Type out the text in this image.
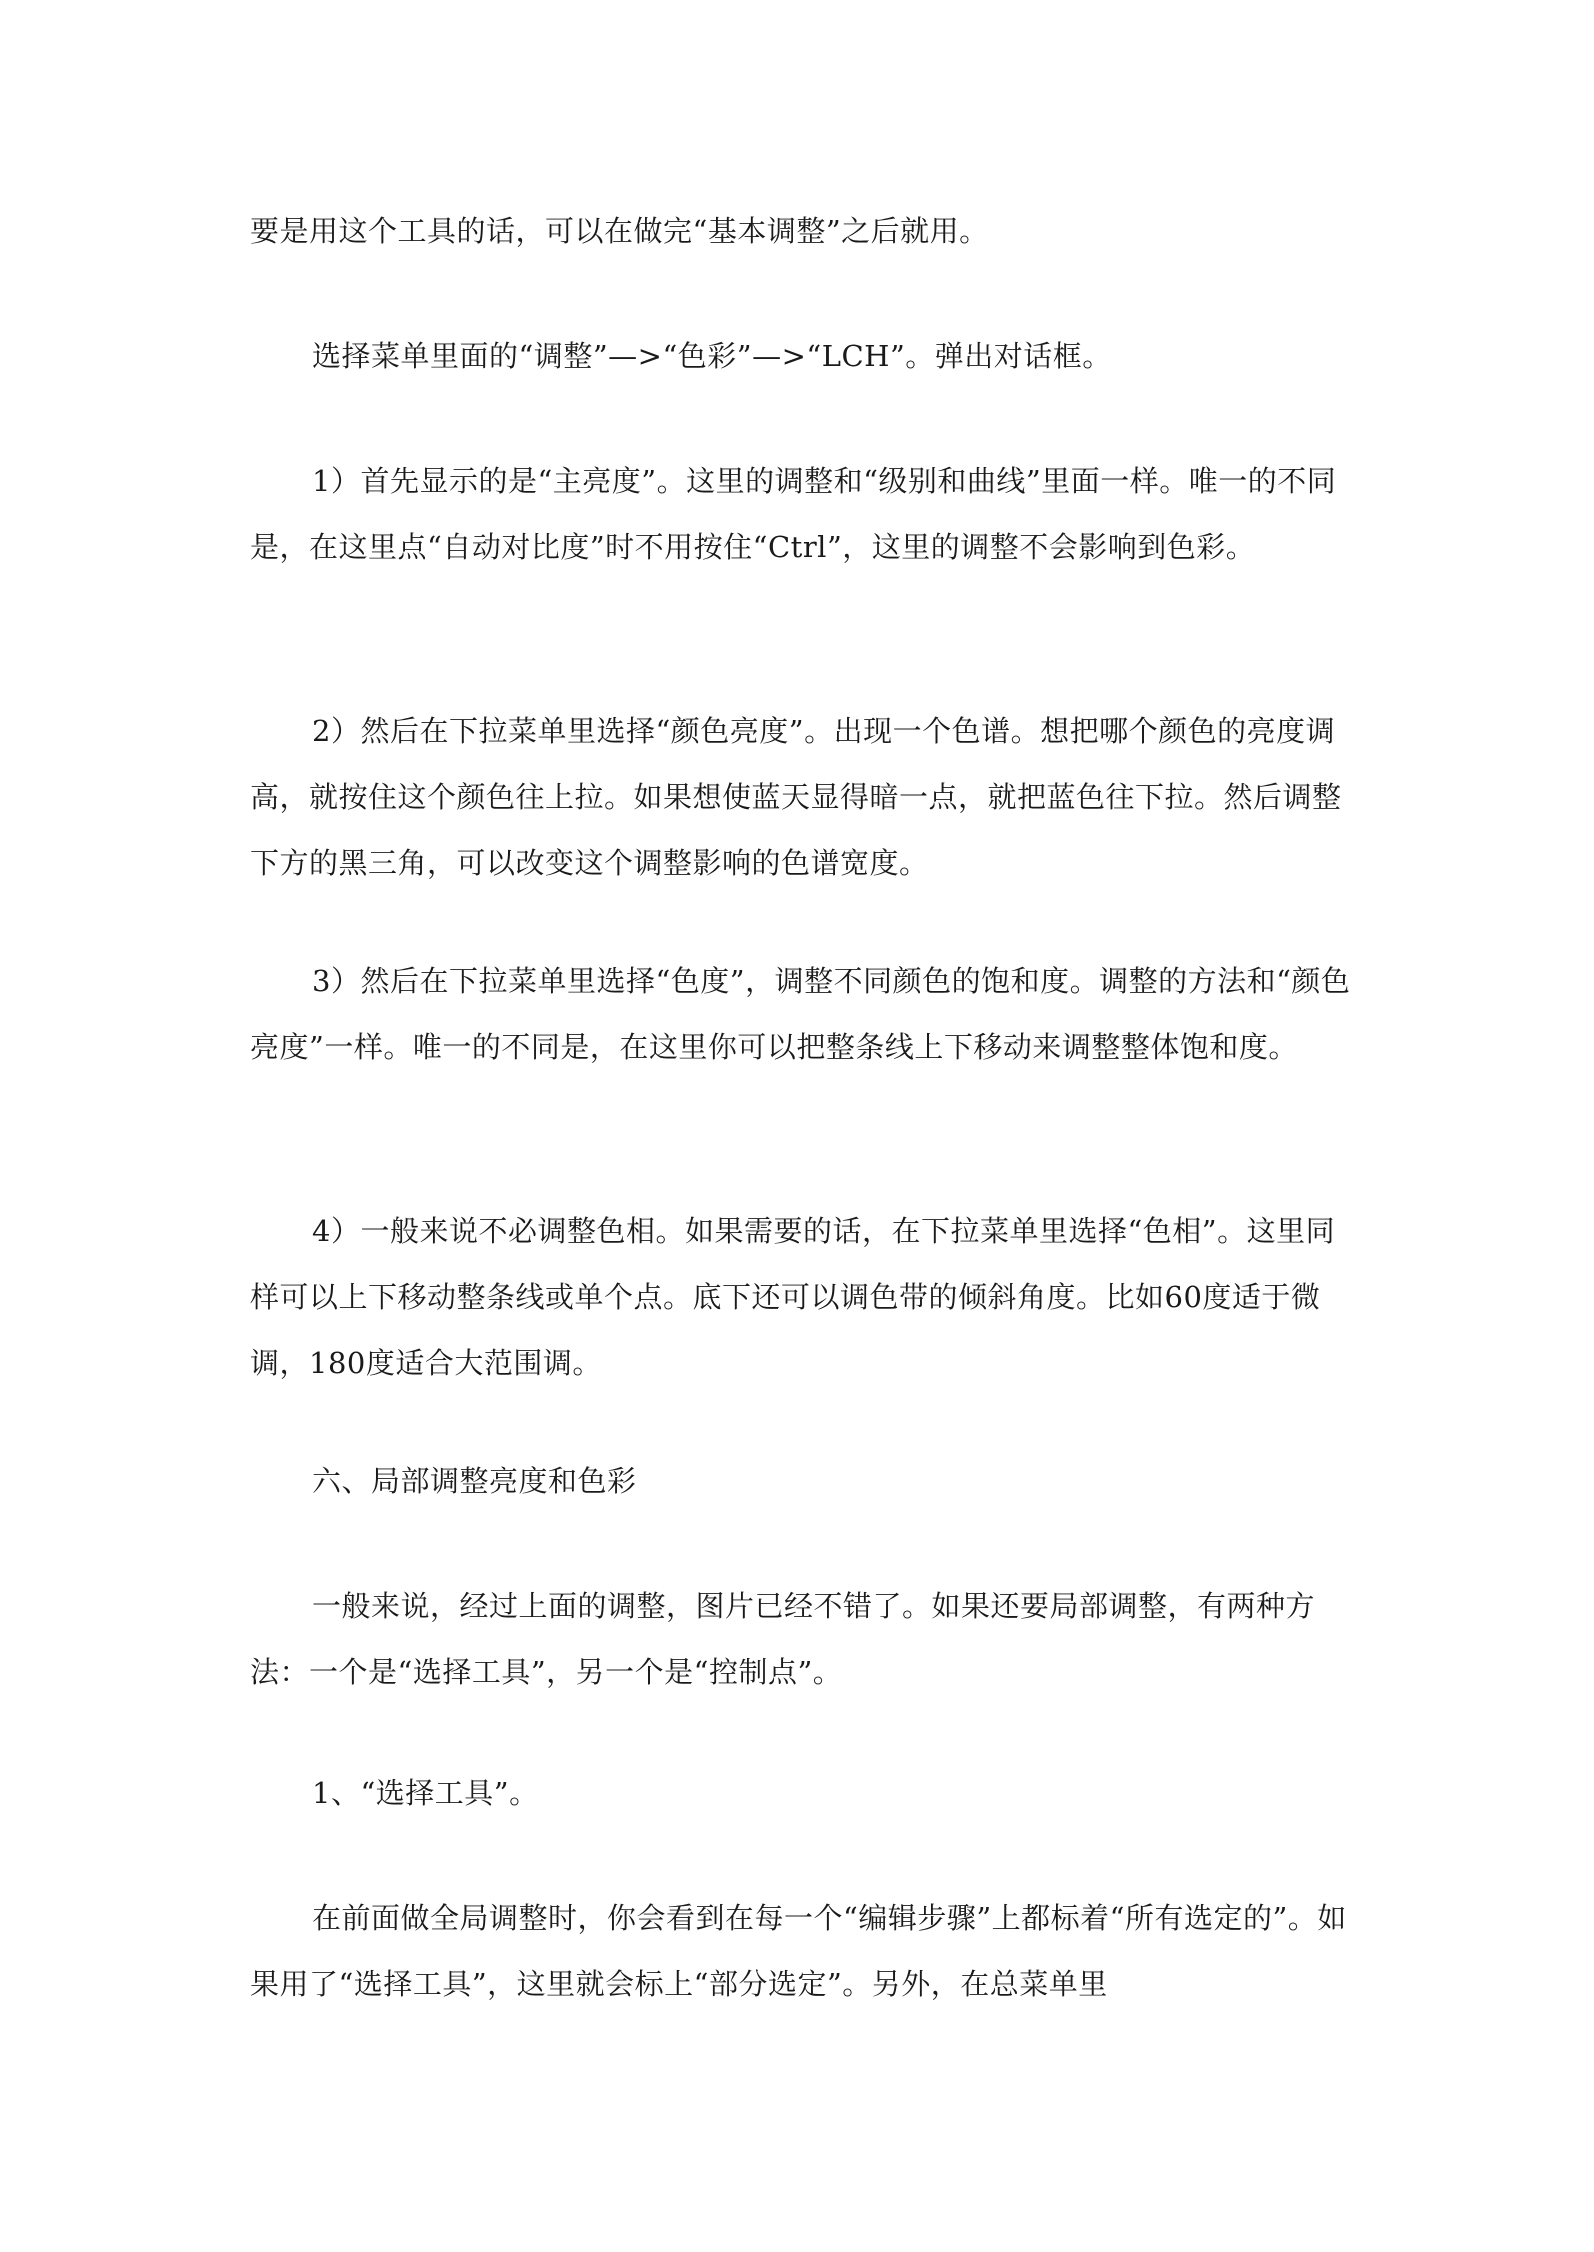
要是用这个工具的话，可以在做完“基本调整”之后就用。

选择菜单里面的“调整”—>“色彩”—>“LCH”。弹出对话框。

1）首先显示的是“主亮度”。这里的调整和“级别和曲线”里面一样。唯一的不同是，在这里点“自动对比度”时不用按住“Ctrl”，这里的调整不会影响到色彩。

2）然后在下拉菜单里选择“颜色亮度”。出现一个色谱。想把哪个颜色的亮度调高，就按住这个颜色往上拉。如果想使蓝天显得暗一点，就把蓝色往下拉。然后调整下方的黑三角，可以改变这个调整影响的色谱宽度。

3）然后在下拉菜单里选择“色度”，调整不同颜色的饱和度。调整的方法和“颜色亮度”一样。唯一的不同是，在这里你可以把整条线上下移动来调整整体饱和度。

4）一般来说不必调整色相。如果需要的话，在下拉菜单里选择“色相”。这里同样可以上下移动整条线或单个点。底下还可以调色带的倾斜角度。比如60度适于微调，180度适合大范围调。

六、局部调整亮度和色彩

一般来说，经过上面的调整，图片已经不错了。如果还要局部调整，有两种方法：一个是“选择工具”，另一个是“控制点”。

1、“选择工具”。

在前面做全局调整时，你会看到在每一个“编辑步骤”上都标着“所有选定的”。如果用了“选择工具”，这里就会标上“部分选定”。另外，在总菜单里
